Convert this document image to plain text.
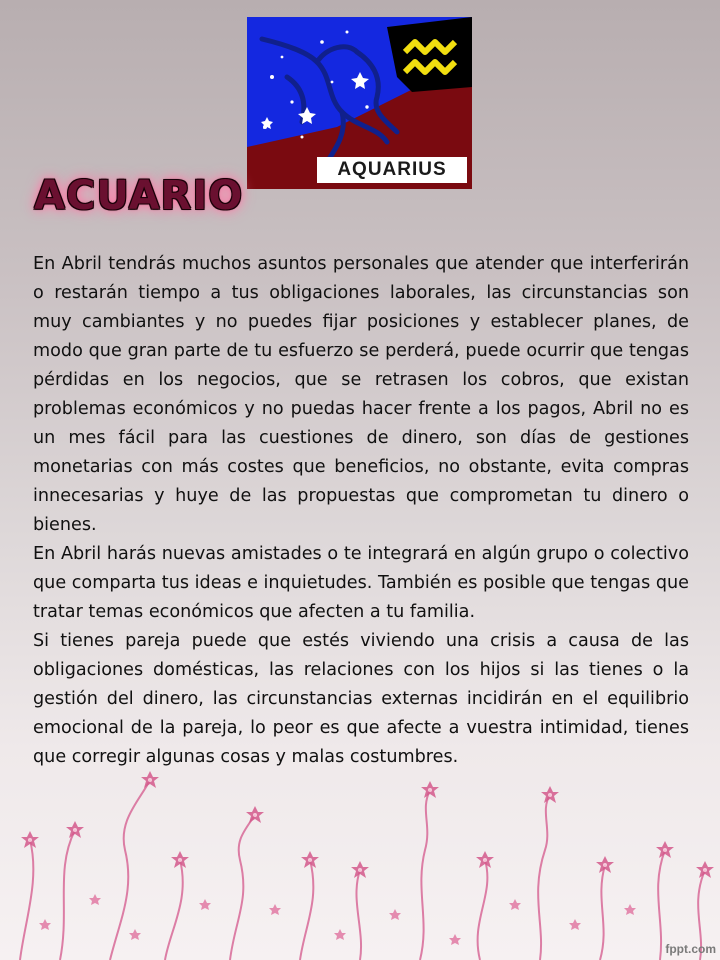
AQUARIUS
ACUARIO

En Abril tendrás muchos asuntos personales que atender que interferirán o restarán tiempo a tus obligaciones laborales, las circunstancias son muy cambiantes y no puedes fijar posiciones y establecer planes, de modo que gran parte de tu esfuerzo se perderá, puede ocurrir que tengas pérdidas en los negocios, que se retrasen los cobros, que existan problemas económicos y no puedas hacer frente a los pagos, Abril no es un mes fácil para las cuestiones de dinero, son días de gestiones monetarias con más costes que beneficios, no obstante, evita compras innecesarias y huye de las propuestas que comprometan tu dinero o bienes.

En Abril harás nuevas amistades o te integrará en algún grupo o colectivo que comparta tus ideas e inquietudes. También es posible que tengas que tratar temas económicos que afecten a tu familia.

Si tienes pareja puede que estés viviendo una crisis a causa de las obligaciones domésticas, las relaciones con los hijos si las tienes o la gestión del dinero, las circunstancias externas incidirán en el equilibrio emocional de la pareja, lo peor es que afecte a vuestra intimidad, tienes que corregir algunas cosas y malas costumbres.

fppt.com
